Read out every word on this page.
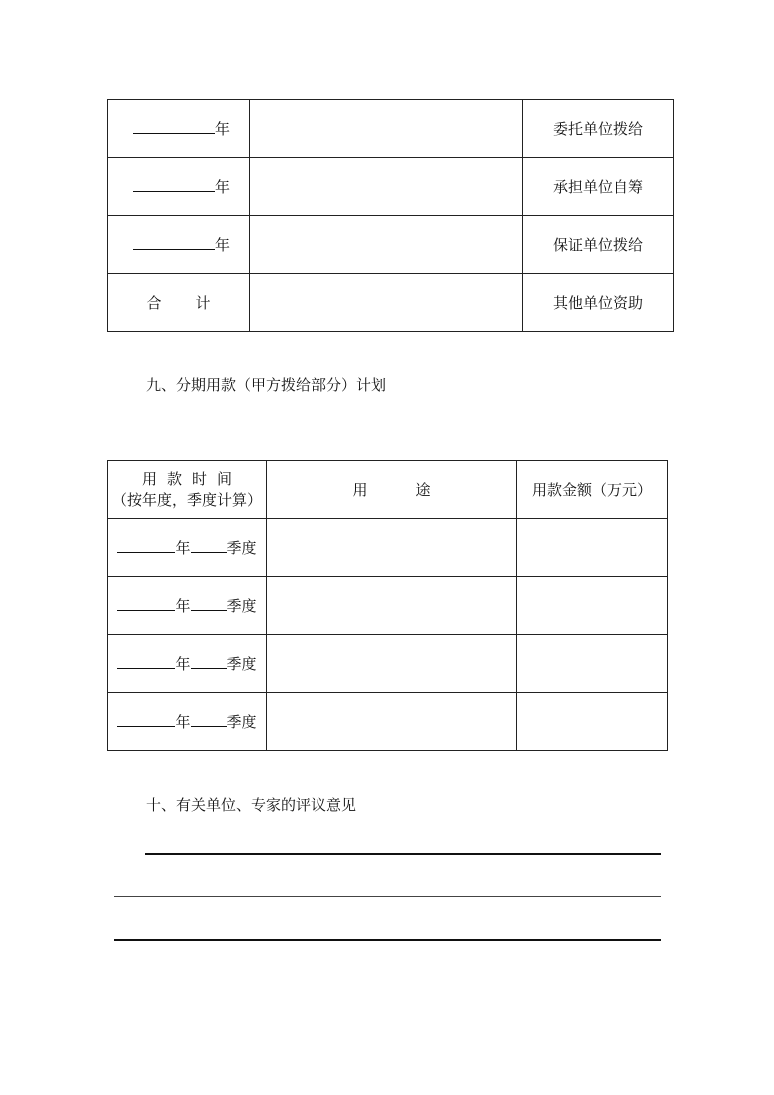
年		委托单位拨给
年		承担单位自筹
年		保证单位拨给
合 计		其他单位资助
九、分期用款（甲方拨给部分）计划
用 款 时 间
（按年度，季度计算）	用 途	用款金额（万元）
年 季度		
年 季度		
年 季度		
年 季度		
十、有关单位、专家的评议意见
